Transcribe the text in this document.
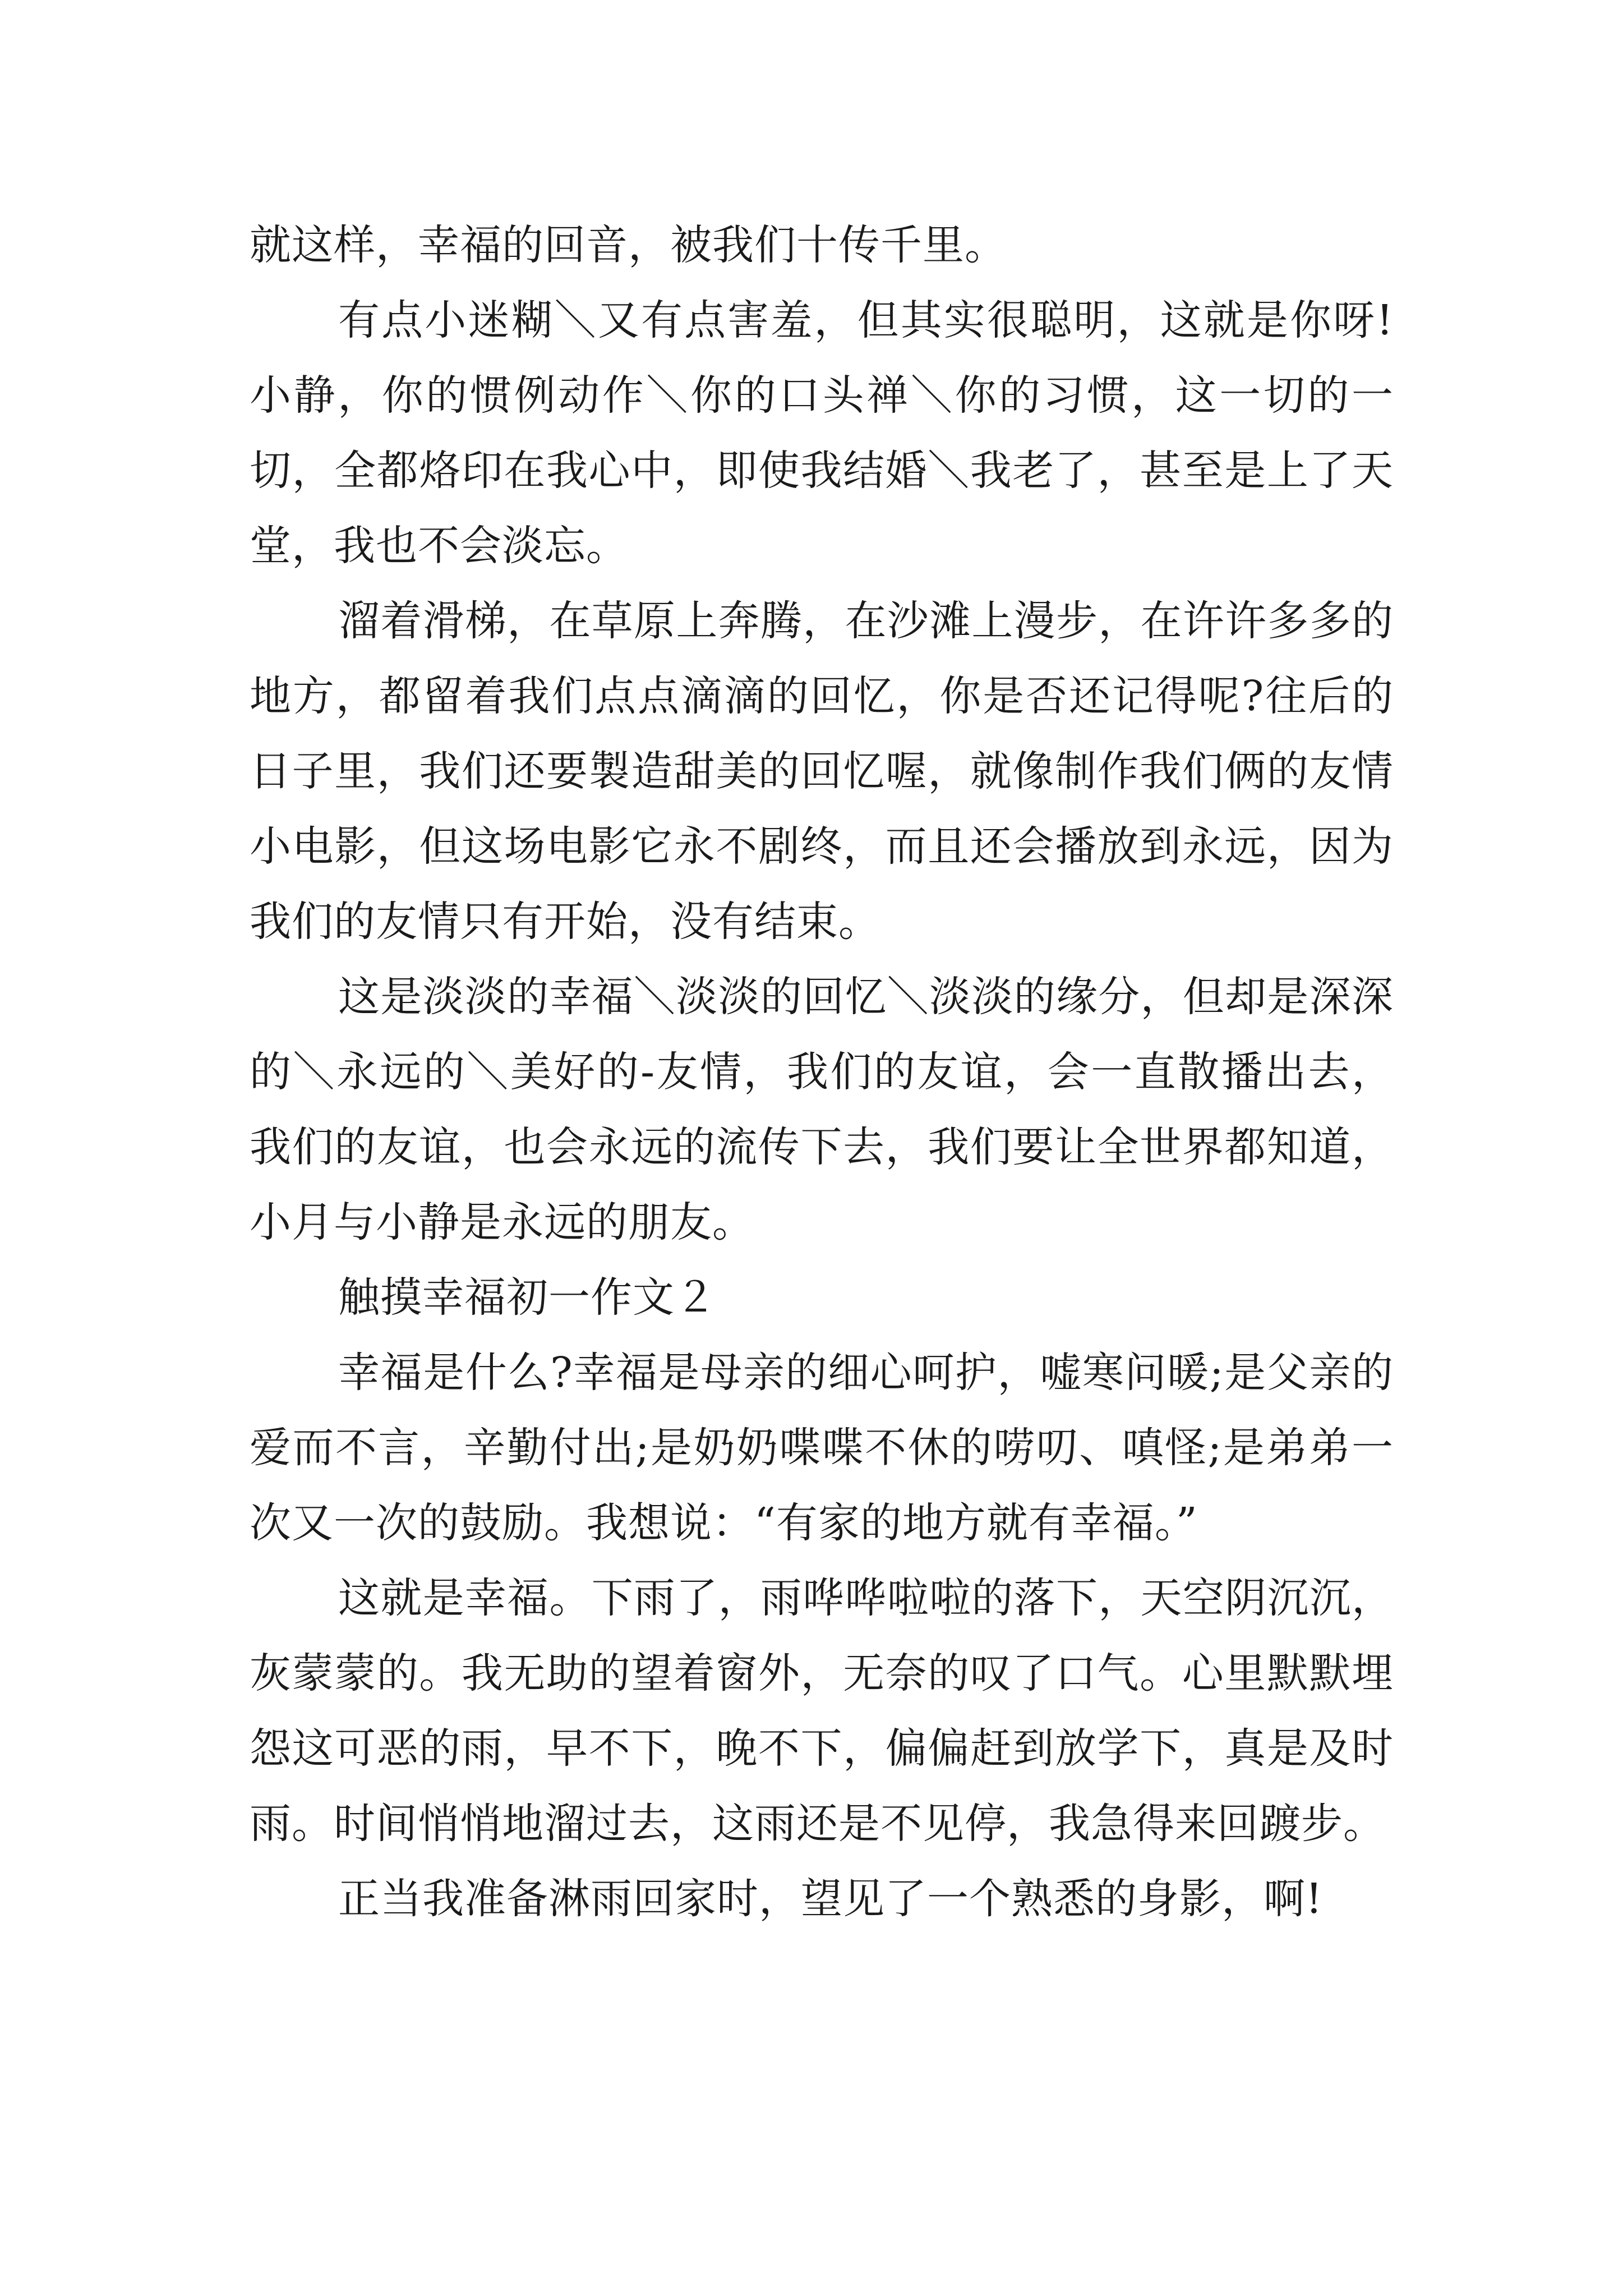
就这样，幸福的回音，被我们十传千里。

有点小迷糊＼又有点害羞，但其实很聪明，这就是你呀!小静，你的惯例动作＼你的口头禅＼你的习惯，这一切的一切，全都烙印在我心中，即使我结婚＼我老了，甚至是上了天堂，我也不会淡忘。

溜着滑梯，在草原上奔腾，在沙滩上漫步，在许许多多的地方，都留着我们点点滴滴的回忆，你是否还记得呢?往后的日子里，我们还要製造甜美的回忆喔，就像制作我们俩的友情小电影，但这场电影它永不剧终，而且还会播放到永远，因为我们的友情只有开始，没有结束。

这是淡淡的幸福＼淡淡的回忆＼淡淡的缘分，但却是深深的＼永远的＼美好的-友情，我们的友谊，会一直散播出去，我们的友谊，也会永远的流传下去，我们要让全世界都知道，小月与小静是永远的朋友。

触摸幸福初一作文２

幸福是什么?幸福是母亲的细心呵护，嘘寒问暖;是父亲的爱而不言，辛勤付出;是奶奶喋喋不休的唠叨、嗔怪;是弟弟一次又一次的鼓励。我想说：“有家的地方就有幸福。”

这就是幸福。下雨了，雨哗哗啦啦的落下，天空阴沉沉，灰蒙蒙的。我无助的望着窗外，无奈的叹了口气。心里默默埋怨这可恶的雨，早不下，晚不下，偏偏赶到放学下，真是及时雨。时间悄悄地溜过去，这雨还是不见停，我急得来回踱步。

正当我准备淋雨回家时，望见了一个熟悉的身影，啊!
